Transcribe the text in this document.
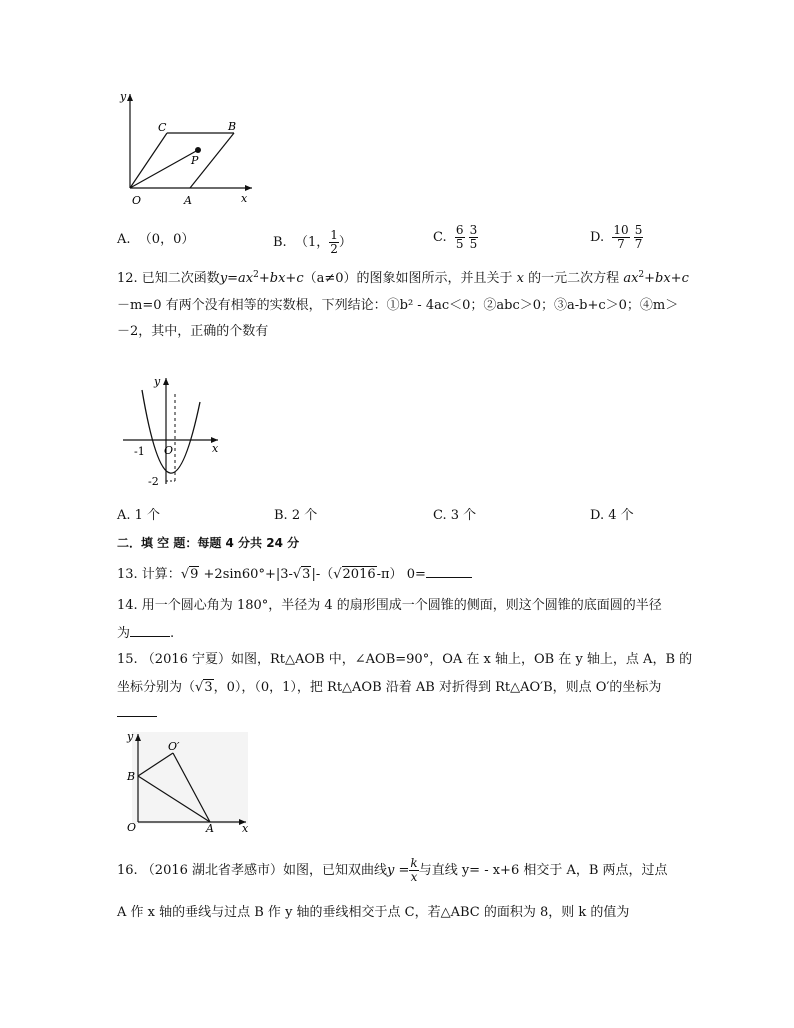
y
x
O	A
B
C
P
A. （0，0）	B. （1， $\frac{1}{2}$ ）	C. $\frac{6}{5}$
$\frac{3}{5}$	D. $\frac{10}{7}$
$\frac{5}{7}$
12. 已知二次函数$y=ax^2+bx+c(a\ne 0)$的图象如图所示，并且关于 x 的一元二次方程 $ax^2+bx+c$
－m=0 有两个没有相等的实数根，下列结论：①b² - 4ac＜0；②abc＞0；③a-b+c＞0；④m＞
－2，其中，正确的个数有
y
x
O
-1
-2
A. 1 个	B. 2 个	C. 3 个	D. 4 个
二．填 空 题：每题 4 分共 24 分
13. 计算：√9 +2sin60°+|3-√3|-（√2016-π） 0=
14. 用一个圆心角为 180°，半径为 4 的扇形围成一个圆锥的侧面，则这个圆锥的底面圆的半径
为	.
15. （2016 宁夏）如图，Rt△AOB 中，∠AOB=90°，OA 在 x 轴上，OB 在 y 轴上，点 A，B 的
坐标分别为（√3，0），（0，1），把 Rt△AOB 沿着 AB 对折得到 Rt△AO′B，则点 O′的坐标为
y
x
O	A
B
O′
16. （2016 湖北省孝感市）如图，已知双曲线$y = \frac{k}{x}$ 与直线 y= - x+6 相交于 A，B 两点，过点
A 作 x 轴的垂线与过点 B 作 y 轴的垂线相交于点 C，若△ABC 的面积为 8，则 k 的值为
